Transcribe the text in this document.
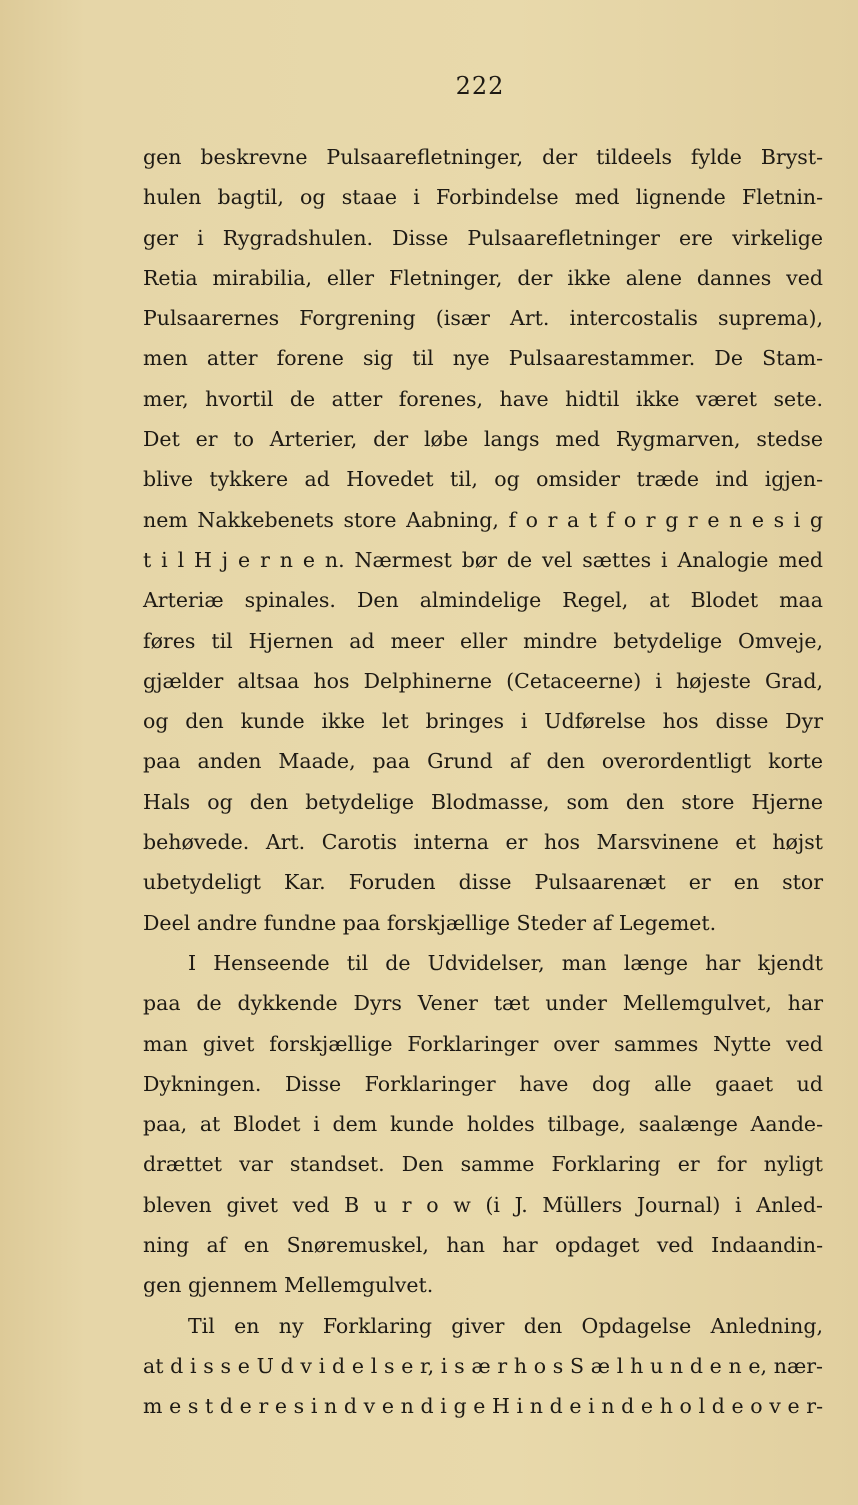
222
gen beskrevne Pulsaarefletninger, der tildeels fylde Bryst-
hulen bagtil, og staae i Forbindelse med lignende Fletnin-
ger i Rygradshulen. Disse Pulsaarefletninger ere virkelige
Retia mirabilia, eller Fletninger, der ikke alene dannes ved
Pulsaarernes Forgrening (især Art. intercostalis suprema),
men atter forene sig til nye Pulsaarestammer. De Stam-
mer, hvortil de atter forenes, have hidtil ikke været sete.
Det er to Arterier, der løbe langs med Rygmarven, stedse
blive tykkere ad Hovedet til, og omsider træde ind igjen-
nem Nakkebenets store Aabning, f o r a t f o r g r e n e s i g
t i l H j e r n e n. Nærmest bør de vel sættes i Analogie med
Arteriæ spinales. Den almindelige Regel, at Blodet maa
føres til Hjernen ad meer eller mindre betydelige Omveje,
gjælder altsaa hos Delphinerne (Cetaceerne) i højeste Grad,
og den kunde ikke let bringes i Udførelse hos disse Dyr
paa anden Maade, paa Grund af den overordentligt korte
Hals og den betydelige Blodmasse, som den store Hjerne
behøvede. Art. Carotis interna er hos Marsvinene et højst
ubetydeligt Kar. Foruden disse Pulsaarenæt er en stor
Deel andre fundne paa forskjællige Steder af Legemet.
I Henseende til de Udvidelser, man længe har kjendt
paa de dykkende Dyrs Vener tæt under Mellemgulvet, har
man givet forskjællige Forklaringer over sammes Nytte ved
Dykningen. Disse Forklaringer have dog alle gaaet ud
paa, at Blodet i dem kunde holdes tilbage, saalænge Aande-
drættet var standset. Den samme Forklaring er for nyligt
bleven givet ved B u r o w (i J. Müllers Journal) i Anled-
ning af en Snøremuskel, han har opdaget ved Indaandin-
gen gjennem Mellemgulvet.
Til en ny Forklaring giver den Opdagelse Anledning,
at d i s s e U d v i d e l s e r, i s æ r h o s S æ l h u n d e n e, nær-
m e s t d e r e s i n d v e n d i g e H i n d e i n d e h o l d e o v e r-
